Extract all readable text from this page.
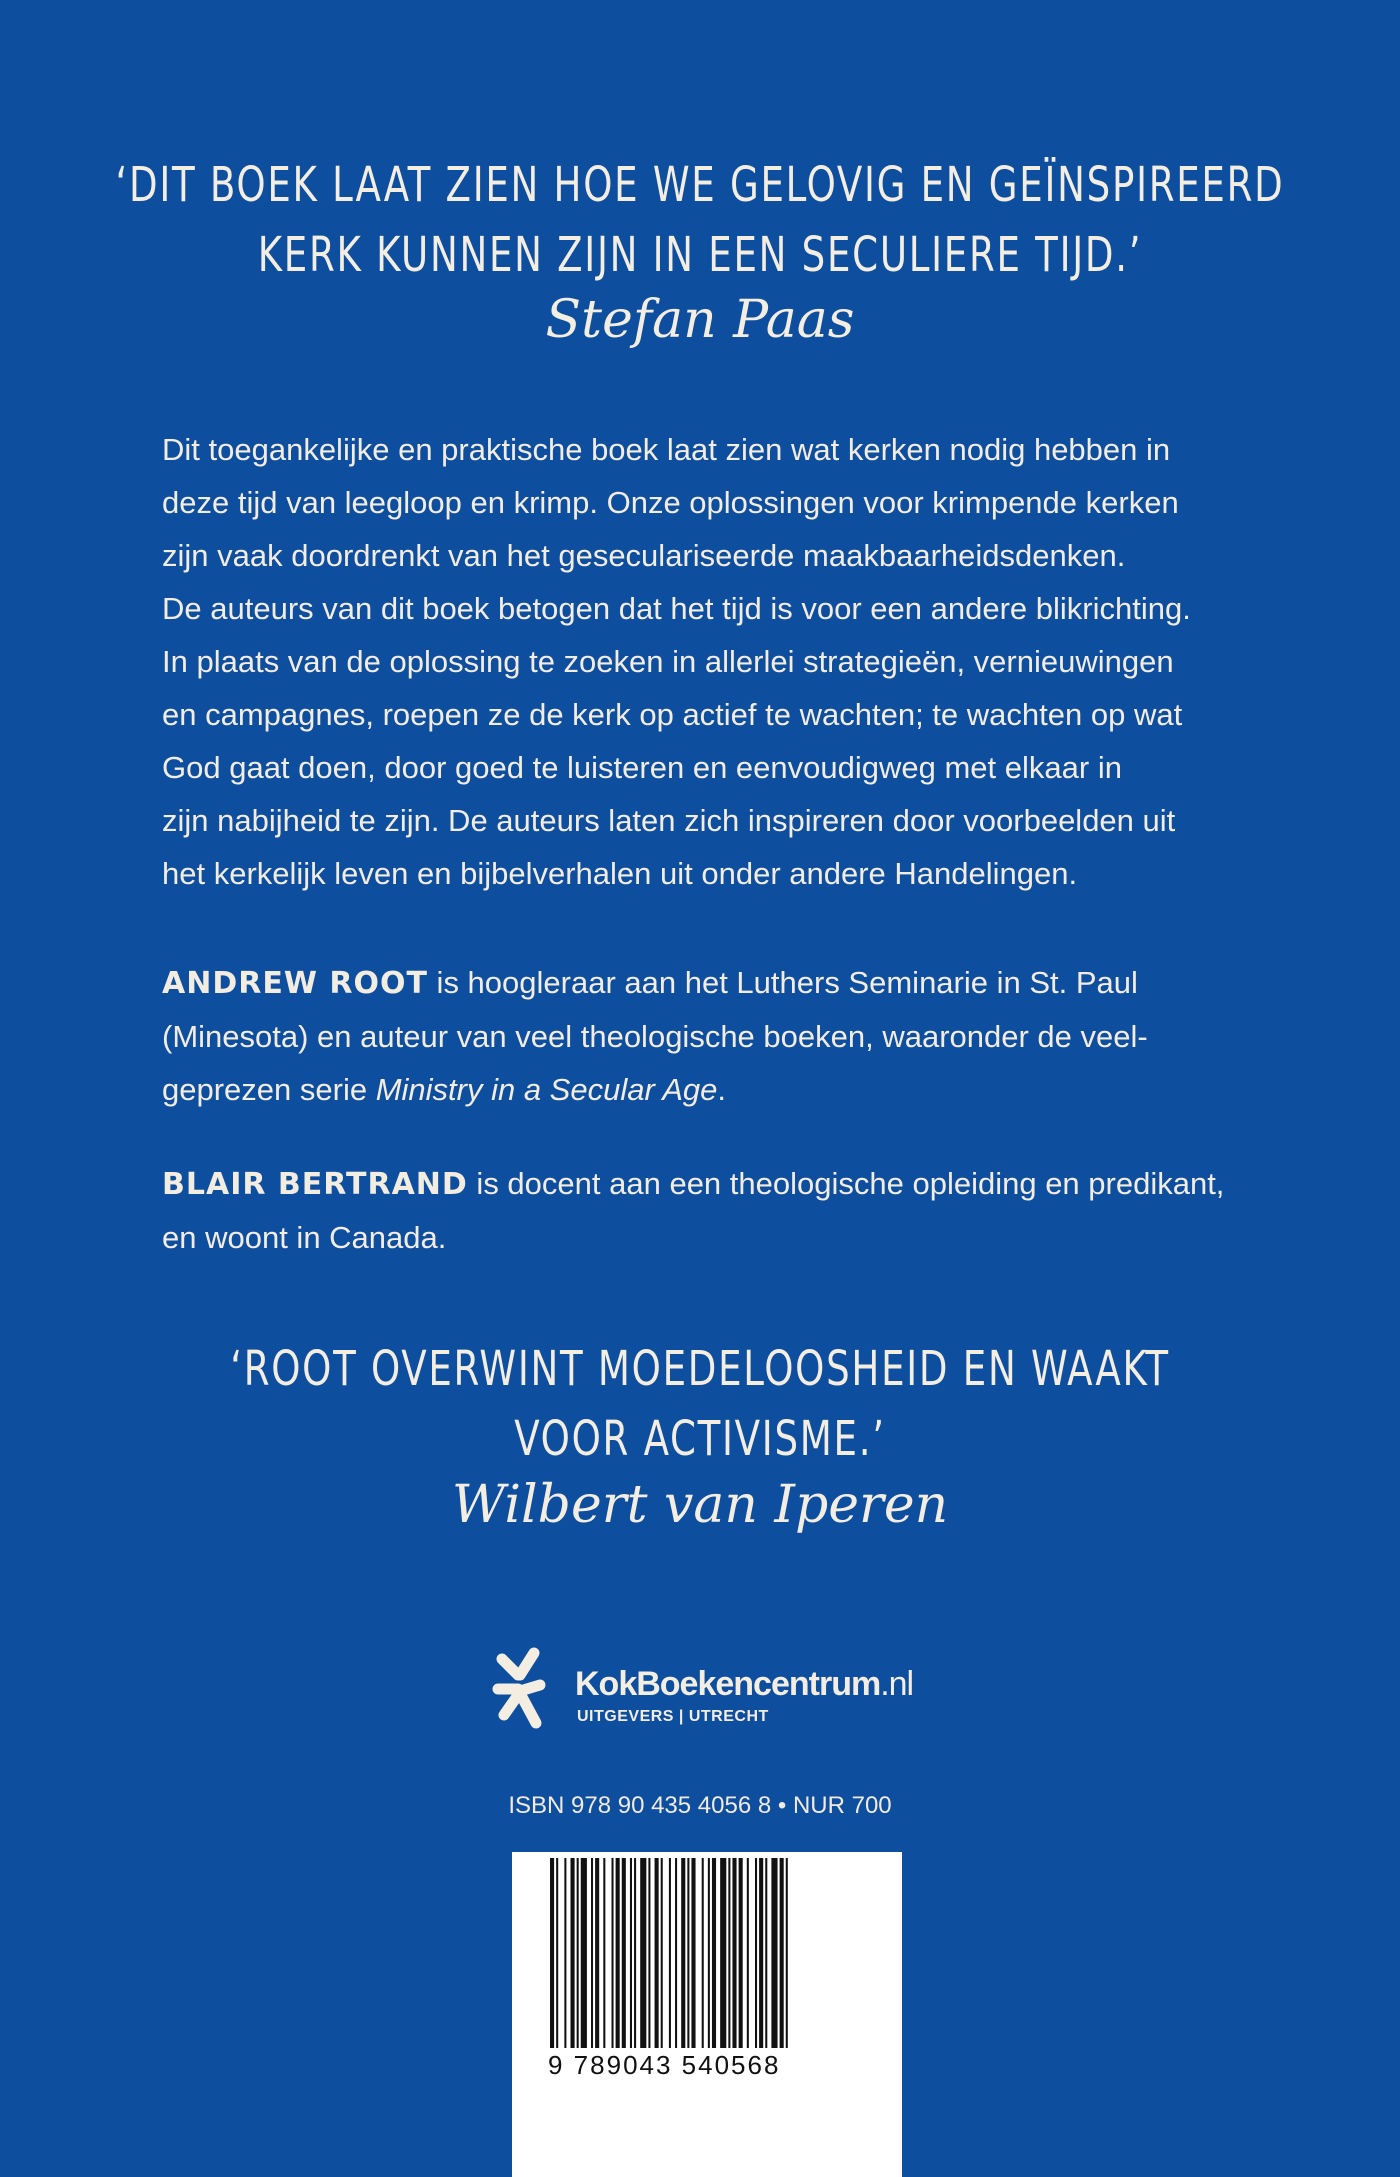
‘DIT BOEK LAAT ZIEN HOE WE GELOVIG EN GEÏNSPIREERD
KERK KUNNEN ZIJN IN EEN SECULIERE TIJD.’
Stefan Paas
Dit toegankelijke en praktische boek laat zien wat kerken nodig hebben in
deze tijd van leegloop en krimp. Onze oplossingen voor krimpende kerken
zijn vaak doordrenkt van het geseculariseerde maakbaarheidsdenken.
De auteurs van dit boek betogen dat het tijd is voor een andere blikrichting.
In plaats van de oplossing te zoeken in allerlei strategieën, vernieuwingen
en campagnes, roepen ze de kerk op actief te wachten; te wachten op wat
God gaat doen, door goed te luisteren en eenvoudigweg met elkaar in
zijn nabijheid te zijn. De auteurs laten zich inspireren door voorbeelden uit
het kerkelijk leven en bijbelverhalen uit onder andere Handelingen.
ANDREW ROOT is hoogleraar aan het Luthers Seminarie in St. Paul
(Minesota) en auteur van veel theologische boeken, waaronder de veel-
geprezen serie Ministry in a Secular Age.
BLAIR BERTRAND is docent aan een theologische opleiding en predikant,
en woont in Canada.
‘ROOT OVERWINT MOEDELOOSHEID EN WAAKT
VOOR ACTIVISME.’
Wilbert van Iperen
KokBoekencentrum.nl
UITGEVERS | UTRECHT
ISBN 978 90 435 4056 8 • NUR 700
9 789043 540568
